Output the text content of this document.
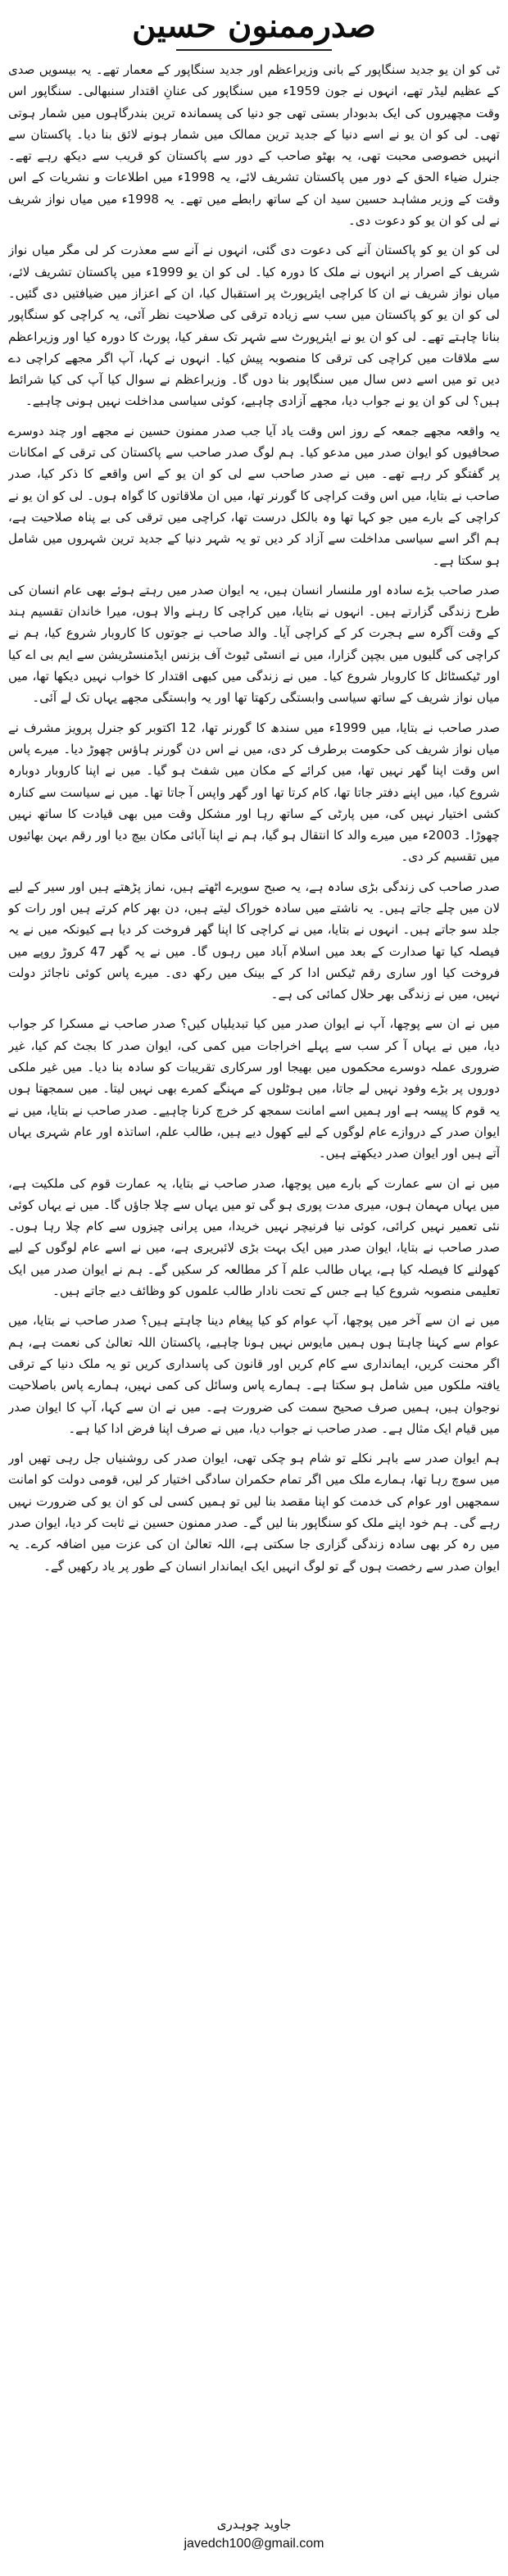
صدرممنون حسین

ٹی کو ان یو جدید سنگاپور کے بانی وزیراعظم اور جدید سنگاپور کے معمار تھے۔ یہ بیسویں صدی کے عظیم لیڈر تھے، انہوں نے جون 1959ء میں سنگاپور کی عنانِ اقتدار سنبھالی۔ سنگاپور اس وقت مچھیروں کی ایک بدبودار بستی تھی جو دنیا کی پسماندہ ترین بندرگاہوں میں شمار ہوتی تھی۔ لی کو ان یو نے اسے دنیا کے جدید ترین ممالک میں شمار ہونے لائق بنا دیا۔ پاکستان سے انہیں خصوصی محبت تھی، یہ بھٹو صاحب کے دور سے پاکستان کو قریب سے دیکھ رہے تھے۔ جنرل ضیاء الحق کے دور میں پاکستان تشریف لائے، یہ 1998ء میں اطلاعات و نشریات کے اس وقت کے وزیر مشاہد حسین سید ان کے ساتھ رابطے میں تھے۔ یہ 1998ء میں میاں نواز شریف نے لی کو ان یو کو دعوت دی۔

لی کو ان یو کو پاکستان آنے کی دعوت دی گئی، انہوں نے آنے سے معذرت کر لی مگر میاں نواز شریف کے اصرار پر انہوں نے ملک کا دورہ کیا۔ لی کو ان یو 1999ء میں پاکستان تشریف لائے، میاں نواز شریف نے ان کا کراچی ایئرپورٹ پر استقبال کیا، ان کے اعزاز میں ضیافتیں دی گئیں۔ لی کو ان یو کو پاکستان میں سب سے زیادہ ترقی کی صلاحیت نظر آئی، یہ کراچی کو سنگاپور بنانا چاہتے تھے۔ لی کو ان یو نے ایئرپورٹ سے شہر تک سفر کیا، پورٹ کا دورہ کیا اور وزیراعظم سے ملاقات میں کراچی کی ترقی کا منصوبہ پیش کیا۔ انہوں نے کہا، آپ اگر مجھے کراچی دے دیں تو میں اسے دس سال میں سنگاپور بنا دوں گا۔ وزیراعظم نے سوال کیا آپ کی کیا شرائط ہیں؟ لی کو ان یو نے جواب دیا، مجھے آزادی چاہیے، کوئی سیاسی مداخلت نہیں ہونی چاہیے۔

یہ واقعہ مجھے جمعہ کے روز اس وقت یاد آیا جب صدر ممنون حسین نے مجھے اور چند دوسرے صحافیوں کو ایوان صدر میں مدعو کیا۔ ہم لوگ صدر صاحب سے پاکستان کی ترقی کے امکانات پر گفتگو کر رہے تھے۔ میں نے صدر صاحب سے لی کو ان یو کے اس واقعے کا ذکر کیا، صدر صاحب نے بتایا، میں اس وقت کراچی کا گورنر تھا، میں ان ملاقاتوں کا گواہ ہوں۔ لی کو ان یو نے کراچی کے بارے میں جو کہا تھا وہ بالکل درست تھا، کراچی میں ترقی کی بے پناہ صلاحیت ہے، ہم اگر اسے سیاسی مداخلت سے آزاد کر دیں تو یہ شہر دنیا کے جدید ترین شہروں میں شامل ہو سکتا ہے۔

صدر صاحب بڑے سادہ اور ملنسار انسان ہیں، یہ ایوان صدر میں رہتے ہوئے بھی عام انسان کی طرح زندگی گزارتے ہیں۔ انہوں نے بتایا، میں کراچی کا رہنے والا ہوں، میرا خاندان تقسیم ہند کے وقت آگرہ سے ہجرت کر کے کراچی آیا۔ والد صاحب نے جوتوں کا کاروبار شروع کیا، ہم نے کراچی کی گلیوں میں بچپن گزارا، میں نے انسٹی ٹیوٹ آف بزنس ایڈمنسٹریشن سے ایم بی اے کیا اور ٹیکسٹائل کا کاروبار شروع کیا۔ میں نے زندگی میں کبھی اقتدار کا خواب نہیں دیکھا تھا، میں میاں نواز شریف کے ساتھ سیاسی وابستگی رکھتا تھا اور یہ وابستگی مجھے یہاں تک لے آئی۔

صدر صاحب نے بتایا، میں 1999ء میں سندھ کا گورنر تھا، 12 اکتوبر کو جنرل پرویز مشرف نے میاں نواز شریف کی حکومت برطرف کر دی، میں نے اس دن گورنر ہاؤس چھوڑ دیا۔ میرے پاس اس وقت اپنا گھر نہیں تھا، میں کرائے کے مکان میں شفٹ ہو گیا۔ میں نے اپنا کاروبار دوبارہ شروع کیا، میں اپنے دفتر جاتا تھا، کام کرتا تھا اور گھر واپس آ جاتا تھا۔ میں نے سیاست سے کنارہ کشی اختیار نہیں کی، میں پارٹی کے ساتھ رہا اور مشکل وقت میں بھی قیادت کا ساتھ نہیں چھوڑا۔ 2003ء میں میرے والد کا انتقال ہو گیا، ہم نے اپنا آبائی مکان بیچ دیا اور رقم بہن بھائیوں میں تقسیم کر دی۔

صدر صاحب کی زندگی بڑی سادہ ہے، یہ صبح سویرے اٹھتے ہیں، نماز پڑھتے ہیں اور سیر کے لیے لان میں چلے جاتے ہیں۔ یہ ناشتے میں سادہ خوراک لیتے ہیں، دن بھر کام کرتے ہیں اور رات کو جلد سو جاتے ہیں۔ انہوں نے بتایا، میں نے کراچی کا اپنا گھر فروخت کر دیا ہے کیونکہ میں نے یہ فیصلہ کیا تھا صدارت کے بعد میں اسلام آباد میں رہوں گا۔ میں نے یہ گھر 47 کروڑ روپے میں فروخت کیا اور ساری رقم ٹیکس ادا کر کے بینک میں رکھ دی۔ میرے پاس کوئی ناجائز دولت نہیں، میں نے زندگی بھر حلال کمائی کی ہے۔

میں نے ان سے پوچھا، آپ نے ایوان صدر میں کیا تبدیلیاں کیں؟ صدر صاحب نے مسکرا کر جواب دیا، میں نے یہاں آ کر سب سے پہلے اخراجات میں کمی کی، ایوان صدر کا بجٹ کم کیا، غیر ضروری عملہ دوسرے محکموں میں بھیجا اور سرکاری تقریبات کو سادہ بنا دیا۔ میں غیر ملکی دوروں پر بڑے وفود نہیں لے جاتا، میں ہوٹلوں کے مہنگے کمرے بھی نہیں لیتا۔ میں سمجھتا ہوں یہ قوم کا پیسہ ہے اور ہمیں اسے امانت سمجھ کر خرچ کرنا چاہیے۔ صدر صاحب نے بتایا، میں نے ایوان صدر کے دروازے عام لوگوں کے لیے کھول دیے ہیں، طالب علم، اساتذہ اور عام شہری یہاں آتے ہیں اور ایوان صدر دیکھتے ہیں۔

میں نے ان سے عمارت کے بارے میں پوچھا، صدر صاحب نے بتایا، یہ عمارت قوم کی ملکیت ہے، میں یہاں مہمان ہوں، میری مدت پوری ہو گی تو میں یہاں سے چلا جاؤں گا۔ میں نے یہاں کوئی نئی تعمیر نہیں کرائی، کوئی نیا فرنیچر نہیں خریدا، میں پرانی چیزوں سے کام چلا رہا ہوں۔ صدر صاحب نے بتایا، ایوان صدر میں ایک بہت بڑی لائبریری ہے، میں نے اسے عام لوگوں کے لیے کھولنے کا فیصلہ کیا ہے، یہاں طالب علم آ کر مطالعہ کر سکیں گے۔ ہم نے ایوان صدر میں ایک تعلیمی منصوبہ شروع کیا ہے جس کے تحت نادار طالب علموں کو وظائف دیے جاتے ہیں۔

میں نے ان سے آخر میں پوچھا، آپ عوام کو کیا پیغام دینا چاہتے ہیں؟ صدر صاحب نے بتایا، میں عوام سے کہنا چاہتا ہوں ہمیں مایوس نہیں ہونا چاہیے، پاکستان اللہ تعالیٰ کی نعمت ہے، ہم اگر محنت کریں، ایمانداری سے کام کریں اور قانون کی پاسداری کریں تو یہ ملک دنیا کے ترقی یافتہ ملکوں میں شامل ہو سکتا ہے۔ ہمارے پاس وسائل کی کمی نہیں، ہمارے پاس باصلاحیت نوجوان ہیں، ہمیں صرف صحیح سمت کی ضرورت ہے۔ میں نے ان سے کہا، آپ کا ایوان صدر میں قیام ایک مثال ہے۔ صدر صاحب نے جواب دیا، میں نے صرف اپنا فرض ادا کیا ہے۔

ہم ایوان صدر سے باہر نکلے تو شام ہو چکی تھی، ایوان صدر کی روشنیاں جل رہی تھیں اور میں سوچ رہا تھا، ہمارے ملک میں اگر تمام حکمران سادگی اختیار کر لیں، قومی دولت کو امانت سمجھیں اور عوام کی خدمت کو اپنا مقصد بنا لیں تو ہمیں کسی لی کو ان یو کی ضرورت نہیں رہے گی۔ ہم خود اپنے ملک کو سنگاپور بنا لیں گے۔ صدر ممنون حسین نے ثابت کر دیا، ایوان صدر میں رہ کر بھی سادہ زندگی گزاری جا سکتی ہے، اللہ تعالیٰ ان کی عزت میں اضافہ کرے۔ یہ ایوان صدر سے رخصت ہوں گے تو لوگ انہیں ایک ایماندار انسان کے طور پر یاد رکھیں گے۔

جاوید چوہدری
javedch100@gmail.com
